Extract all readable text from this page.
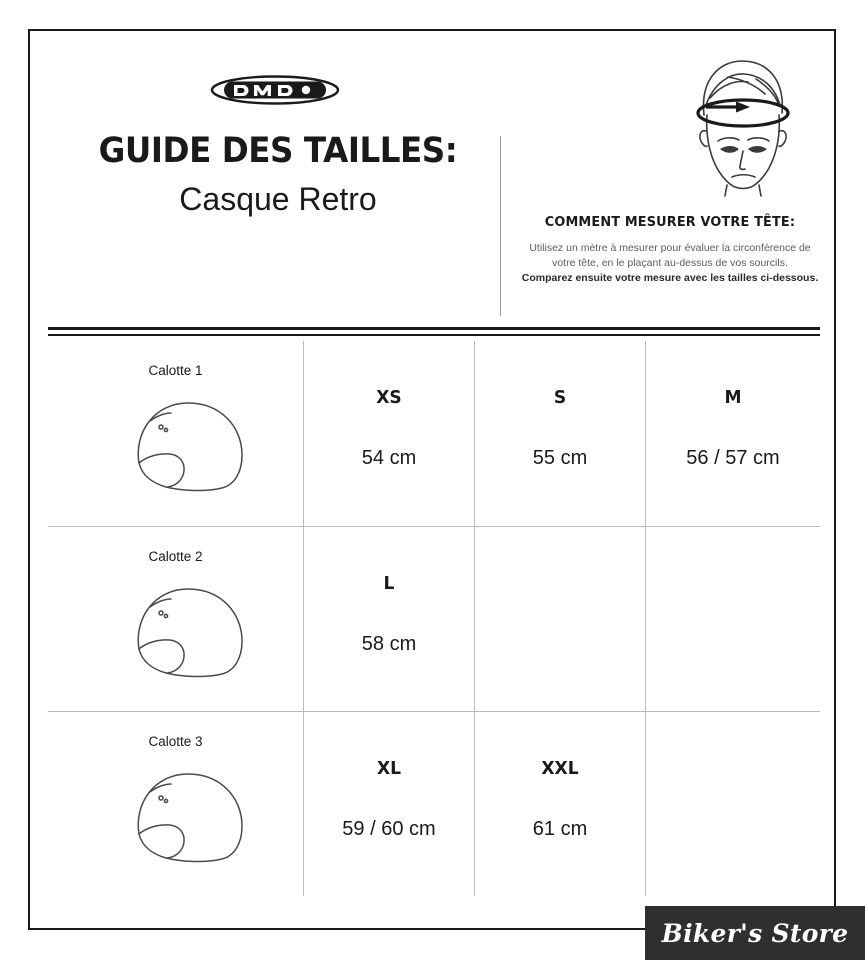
GUIDE DES TAILLES:
Casque Retro
COMMENT MESURER VOTRE TÊTE:
Utilisez un mètre à mesurer pour évaluer la circonférence de
votre tête, en le plaçant au-dessus de vos sourcils.
Comparez ensuite votre mesure avec les tailles ci-dessous.
Calotte 1
XS
54 cm
S
55 cm
M
56 / 57 cm
Calotte 2
L
58 cm
Calotte 3
XL
59 / 60 cm
XXL
61 cm
Biker's Store
